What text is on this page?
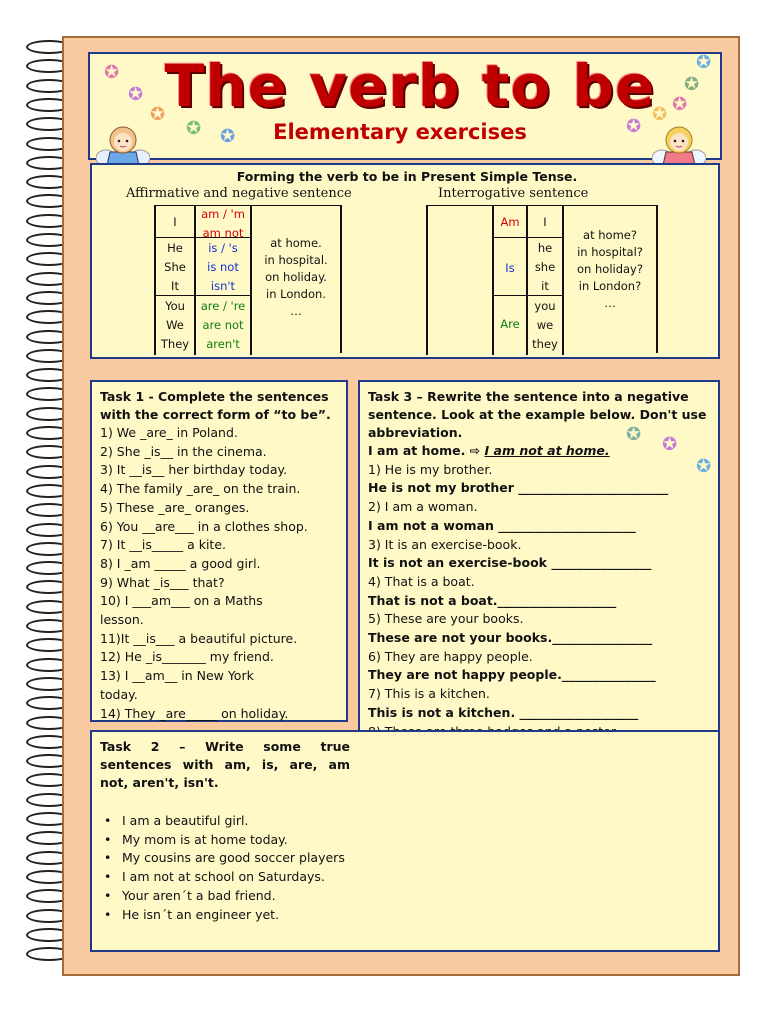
The verb to be
Elementary exercises
✪
✪
✪
✪ ✪
✪
✪
✪
✪
✪
Forming the verb to be in Present Simple Tense.
Affirmative and negative sentence	Interrogative sentence
I
am / 'm
am not
He
She
It
is / 's
is not
isn't
You
We
They
are / 're
are not
aren't
at home.
in hospital.
on holiday.
in London.
…
Am	I
Is
he
she
it
Are
you
we
they
at home?
in hospital?
on holiday?
in London?
…
Task 1 - Complete the sentences
with the correct form of “to be”.
1) We _are_ in Poland.
2) She _is__ in the cinema.
3) It __is__ her birthday today.
4) The family _are_ on the train.
5) These _are_ oranges.
6) You __are___ in a clothes shop.
7) It __is_____ a kite.
8) I _am _____ a good girl.
9) What _is___ that?
10) I ___am___ on a Maths
lesson.
11)It __is___ a beautiful picture.
12) He _is_______ my friend.
13) I __am__ in New York
today.
14) They _are_____ on holiday.
Task 3 – Rewrite the sentence into a negative
sentence. Look at the example below. Don't use
abbreviation.
I am at home. ⇨ I am not at home.
1) He is my brother.
He is not my brother ________________________
2) I am a woman.
I am not a woman ______________________
3) It is an exercise-book.
It is not an exercise-book ________________
4) That is a boat.
That is not a boat.___________________
5) These are your books.
These are not your books.________________
6) They are happy people.
They are not happy people._______________
7) This is a kitchen.
This is not a kitchen. ___________________
✪ ✪
✪
Task 2 – Write some true
sentences with am, is, are, am
not, aren't, isn't.
• I am a beautiful girl.
• My mom is at home today.
• My cousins are good soccer players
• I am not at school on Saturdays.
• Your aren´t a bad friend.
• He isn´t an engineer yet.
